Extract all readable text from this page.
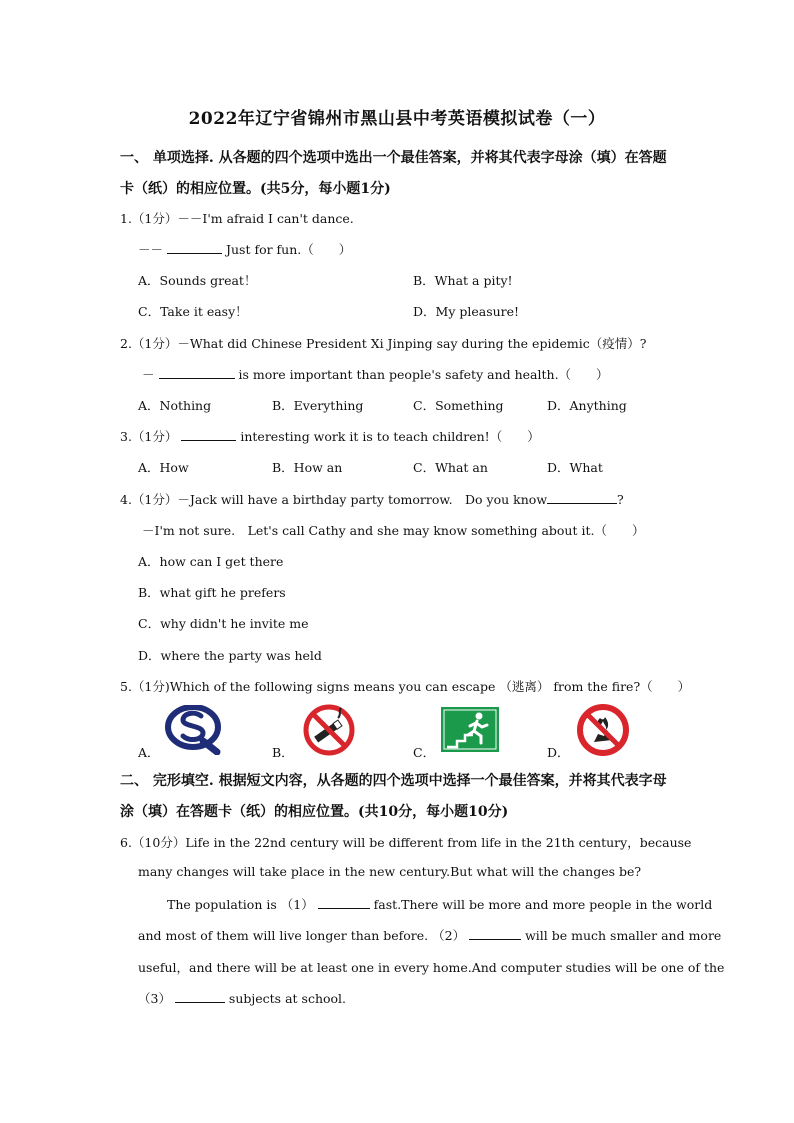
2022年辽宁省锦州市黑山县中考英语模拟试卷（一）
一、 单项选择. 从各题的四个选项中选出一个最佳答案，并将其代表字母涂（填）在答题
卡（纸）的相应位置。(共5分，每小题1分)
1.（1分）－－I'm afraid I can't dance.
－－	Just for fun.（　　）
A．Sounds great！	B．What a pity!
C．Take it easy！	D．My pleasure!
2.（1分）－What did Chinese President Xi Jinping say during the epidemic（疫情）?
－	is more important than people's safety and health.（　　）
A．Nothing	B．Everything	C．Something	D．Anything
3.（1分）	interesting work it is to teach children!（　　）
A．How	B．How an	C．What an	D．What
4.（1分）－Jack will have a birthday party tomorrow.　Do you know	?
－I'm not sure.　Let's call Cathy and she may know something about it.（　　）
A．how can I get there
B．what gift he prefers
C．why didn't he invite me
D．where the party was held
5.（1分)Which of the following signs means you can escape （逃离） from the fire?（　　）
A．	B．	C．	D．
二、 完形填空. 根据短文内容，从各题的四个选项中选择一个最佳答案，并将其代表字母
涂（填）在答题卡（纸）的相应位置。(共10分，每小题10分)
6.（10分）Life in the 22nd century will be different from life in the 21th century，because
many changes will take place in the new century.But what will the changes be?
The population is （1）	fast.There will be more and more people in the world
and most of them will live longer than before. （2）	will be much smaller and more
useful，and there will be at least one in every home.And computer studies will be one of the
（3）	subjects at school.
